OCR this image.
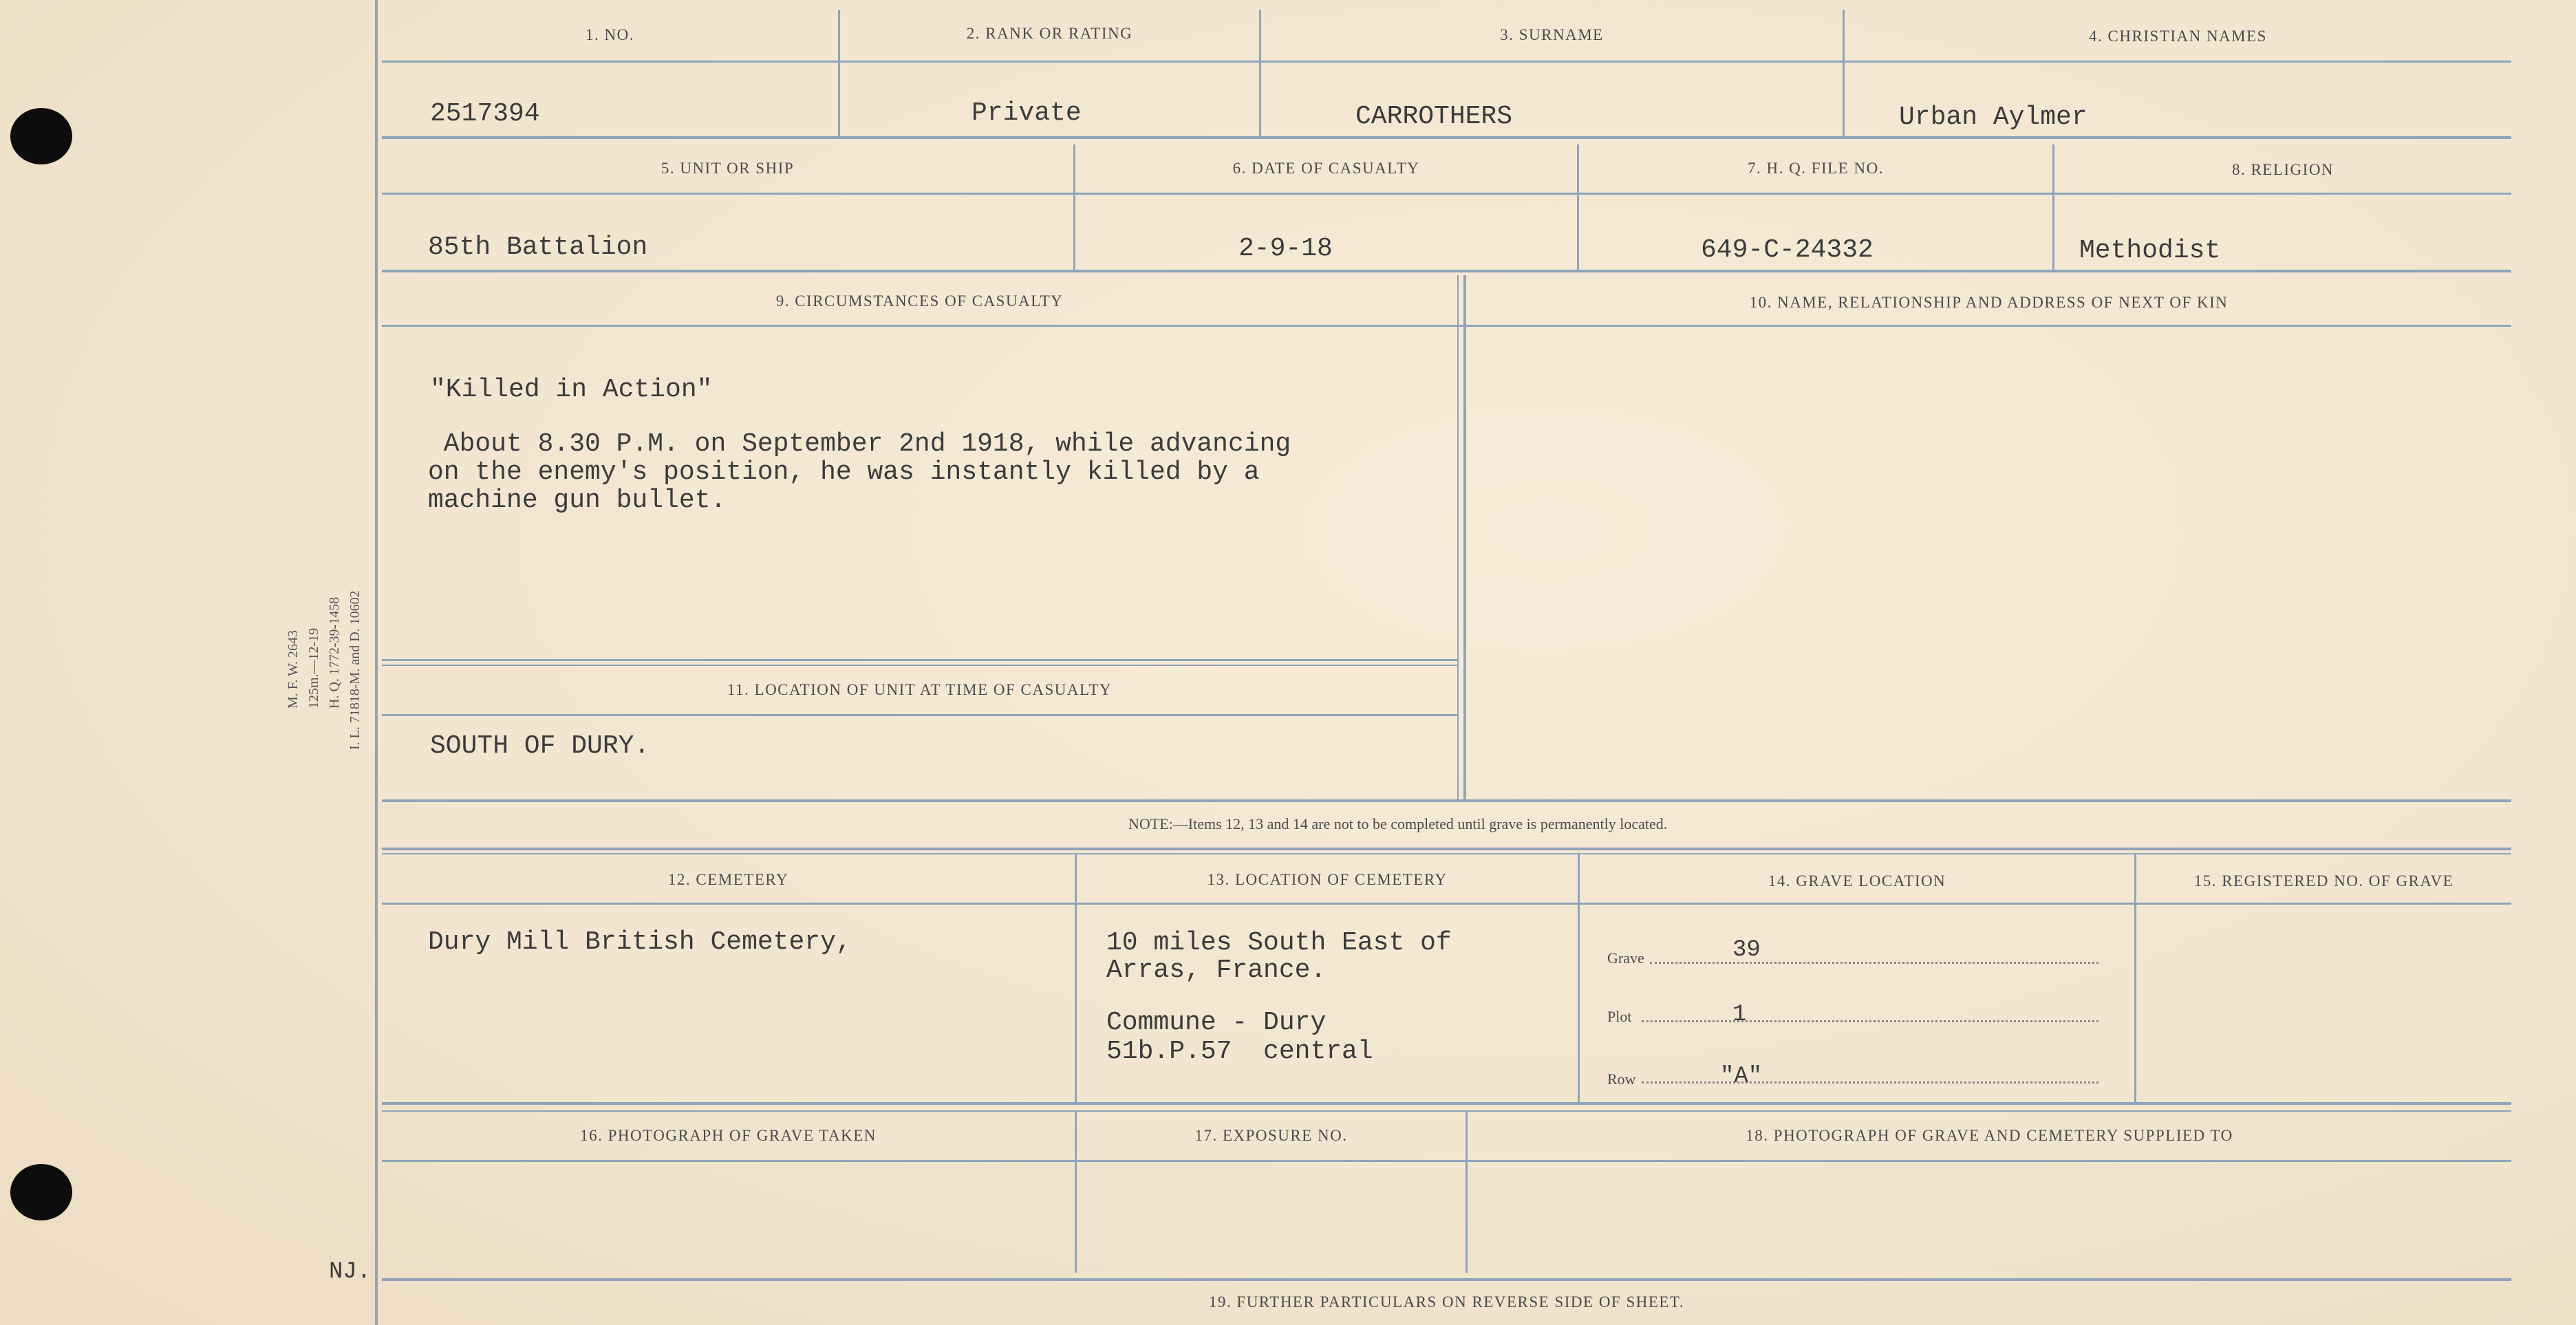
M. F. W. 2643 125m.—12-19 H. Q. 1772-39-1458 I. L. 71818-M. and D. 10602
NJ.
1. NO.	2. RANK OR RATING	3. SURNAME	4. CHRISTIAN NAMES
2517394	Private	CARROTHERS	Urban Aylmer
5. UNIT OR SHIP	6. DATE OF CASUALTY	7. H. Q. FILE NO.	8. RELIGION
85th Battalion	2-9-18	649-C-24332	Methodist
9. CIRCUMSTANCES OF CASUALTY	10. NAME, RELATIONSHIP AND ADDRESS OF NEXT OF KIN
"Killed in Action"
About 8.30 P.M. on September 2nd 1918, while advancing
on the enemy's position, he was instantly killed by a
machine gun bullet.
11. LOCATION OF UNIT AT TIME OF CASUALTY
SOUTH OF DURY.
NOTE:—Items 12, 13 and 14 are not to be completed until grave is permanently located.
12. CEMETERY	13. LOCATION OF CEMETERY	14. GRAVE LOCATION	15. REGISTERED NO. OF GRAVE
Dury Mill British Cemetery,	10 miles South East of
Arras, France.
Commune - Dury
51b.P.57  central
Grave	39
Plot	1
Row	"A"
16. PHOTOGRAPH OF GRAVE TAKEN	17. EXPOSURE NO.	18. PHOTOGRAPH OF GRAVE AND CEMETERY SUPPLIED TO
19. FURTHER PARTICULARS ON REVERSE SIDE OF SHEET.
